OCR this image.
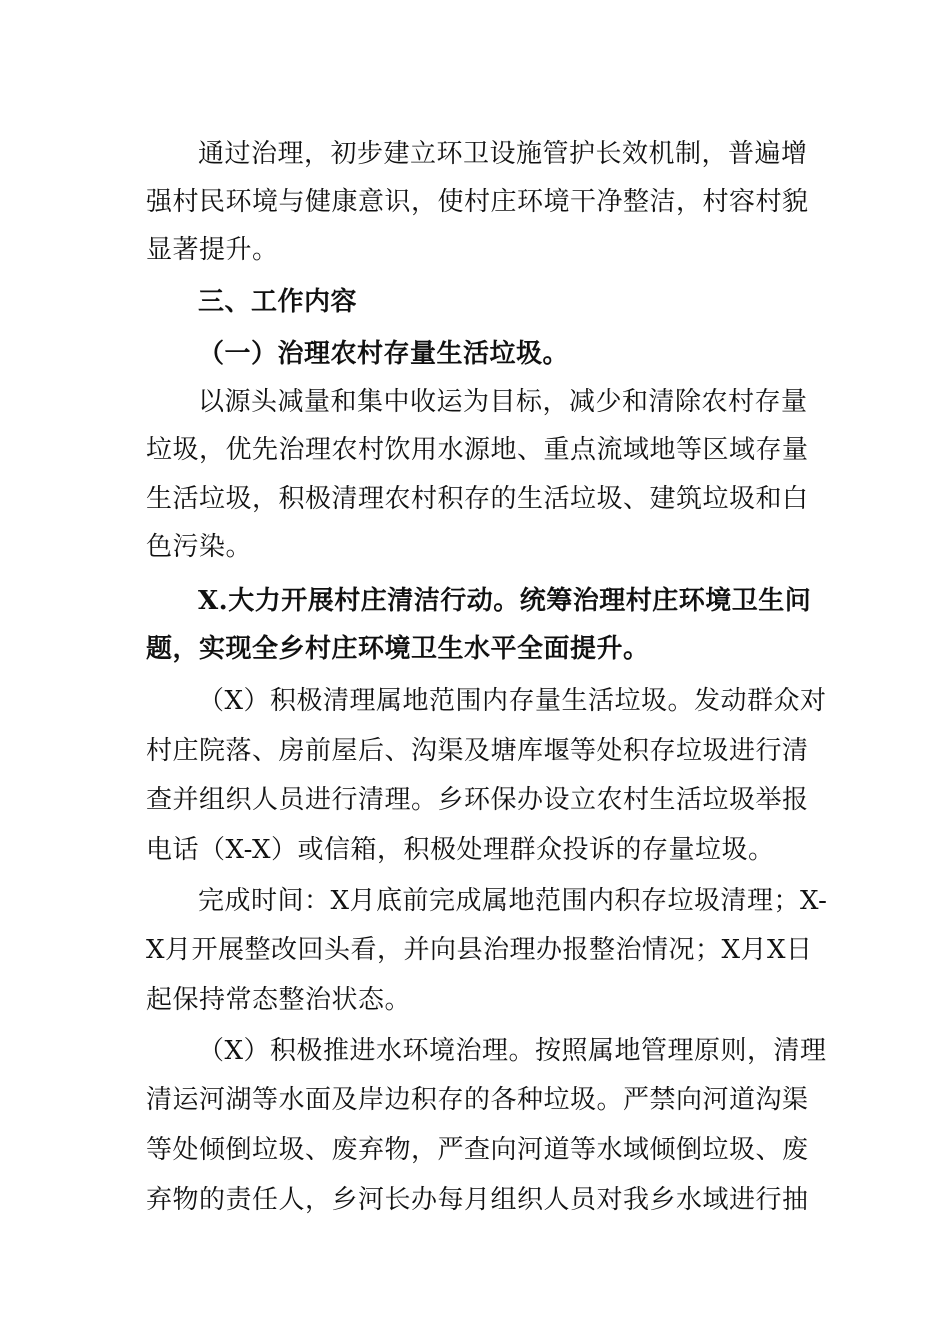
通过治理，初步建立环卫设施管护长效机制，普遍增
强村民环境与健康意识，使村庄环境干净整洁，村容村貌
显著提升。
三、工作内容
（一）治理农村存量生活垃圾。
以源头减量和集中收运为目标，减少和清除农村存量
垃圾，优先治理农村饮用水源地、重点流域地等区域存量
生活垃圾，积极清理农村积存的生活垃圾、建筑垃圾和白
色污染。
X.大力开展村庄清洁行动。统筹治理村庄环境卫生问
题，实现全乡村庄环境卫生水平全面提升。
（X）积极清理属地范围内存量生活垃圾。发动群众对
村庄院落、房前屋后、沟渠及塘库堰等处积存垃圾进行清
查并组织人员进行清理。乡环保办设立农村生活垃圾举报
电话（X-X）或信箱，积极处理群众投诉的存量垃圾。
完成时间：X月底前完成属地范围内积存垃圾清理；X-
X月开展整改回头看，并向县治理办报整治情况；X月X日
起保持常态整治状态。
（X）积极推进水环境治理。按照属地管理原则，清理
清运河湖等水面及岸边积存的各种垃圾。严禁向河道沟渠
等处倾倒垃圾、废弃物，严查向河道等水域倾倒垃圾、废
弃物的责任人，乡河长办每月组织人员对我乡水域进行抽
